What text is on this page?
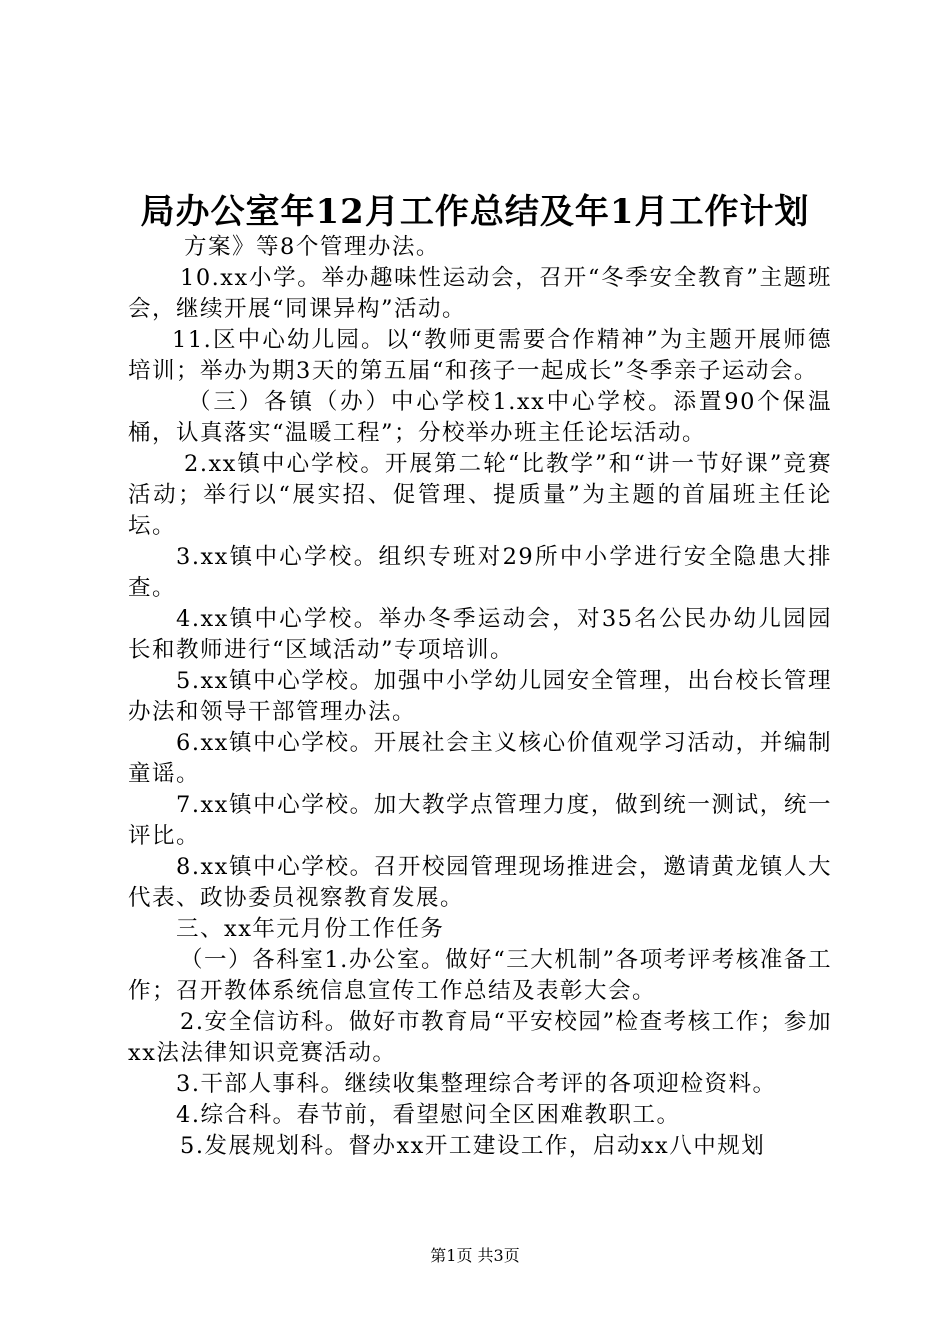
局办公室年12月工作总结及年1月工作计划

方案》等8个管理办法。

10.xx小学。举办趣味性运动会，召开“冬季安全教育”主题班会，继续开展“同课异构”活动。

11.区中心幼儿园。以“教师更需要合作精神”为主题开展师德培训；举办为期3天的第五届“和孩子一起成长”冬季亲子运动会。

（三）各镇（办）中心学校1.xx中心学校。添置90个保温桶，认真落实“温暖工程”；分校举办班主任论坛活动。

2.xx镇中心学校。开展第二轮“比教学”和“讲一节好课”竞赛活动；举行以“展实招、促管理、提质量”为主题的首届班主任论坛。

3.xx镇中心学校。组织专班对29所中小学进行安全隐患大排查。

4.xx镇中心学校。举办冬季运动会，对35名公民办幼儿园园长和教师进行“区域活动”专项培训。

5.xx镇中心学校。加强中小学幼儿园安全管理，出台校长管理办法和领导干部管理办法。

6.xx镇中心学校。开展社会主义核心价值观学习活动，并编制童谣。

7.xx镇中心学校。加大教学点管理力度，做到统一测试，统一评比。

8.xx镇中心学校。召开校园管理现场推进会，邀请黄龙镇人大代表、政协委员视察教育发展。

三、xx年元月份工作任务

（一）各科室1.办公室。做好“三大机制”各项考评考核准备工作；召开教体系统信息宣传工作总结及表彰大会。

2.安全信访科。做好市教育局“平安校园”检查考核工作；参加xx法法律知识竞赛活动。

3.干部人事科。继续收集整理综合考评的各项迎检资料。

4.综合科。春节前，看望慰问全区困难教职工。

5.发展规划科。督办xx开工建设工作，启动xx八中规划

第1页 共3页
